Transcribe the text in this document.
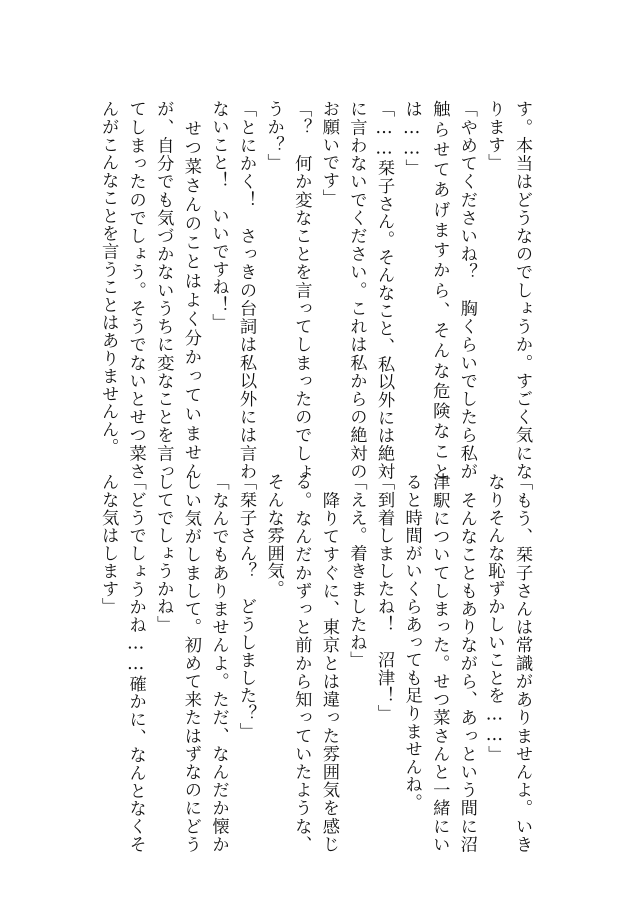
す。本当はどうなのでしょうか。すごく気になります」

「やめてくださいね？　胸くらいでしたら私が触らせてあげますから、そんな危険なことは……」

「……栞子さん。そんなこと、私以外には絶対に言わないでください。これは私からの絶対のお願いです」

「？　何か変なことを言ってしまったのでしょうか？」

「とにかく！　さっきの台詞は私以外には言わないこと！　いいですね！」

　せつ菜さんのことはよく分かっていませんが、自分でも気づかないうちに変なことを言ってしまったのでしょう。そうでないとせつ菜さんがこんなことを言うことはありませんん。

「もう、栞子さんは常識がありませんよ。いきなりそんな恥ずかしいことを……」

　そんなこともありながら、あっという間に沼津駅についてしまった。せつ菜さんと一緒にいると時間がいくらあっても足りませんね。

「到着しましたね！　沼津！」

「ええ。着きましたね」

　降りてすぐに、東京とは違った雰囲気を感じる。なんだかずっと前から知っていたような、そんな雰囲気。

「栞子さん？　どうしました？」

「なんでもありませんよ。ただ、なんだか懐かしい気がしまして。初めて来たはずなのにどうしてでしょうかね」

「どうでしょうかね……確かに、なんとなくそんな気はします」
